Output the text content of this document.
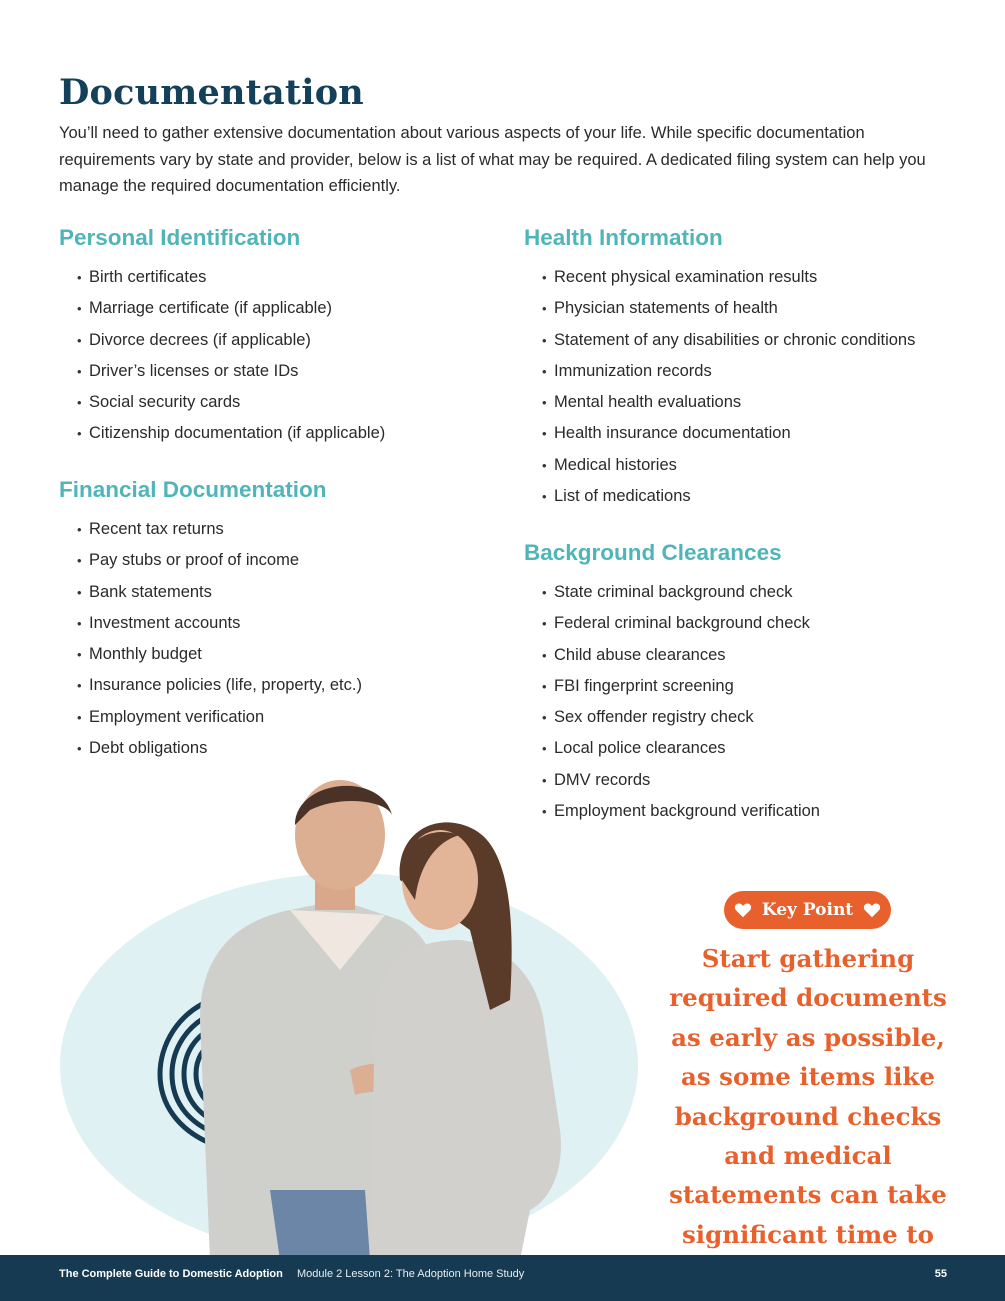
Documentation

You’ll need to gather extensive documentation about various aspects of your life. While specific documentation requirements vary by state and provider, below is a list of what may be required. A dedicated filing system can help you manage the required documentation efficiently.

Personal Identification
• Birth certificates
• Marriage certificate (if applicable)
• Divorce decrees (if applicable)
• Driver’s licenses or state IDs
• Social security cards
• Citizenship documentation (if applicable)
Financial Documentation
• Recent tax returns
• Pay stubs or proof of income
• Bank statements
• Investment accounts
• Monthly budget
• Insurance policies (life, property, etc.)
• Employment verification
• Debt obligations
Health Information
• Recent physical examination results
• Physician statements of health
• Statement of any disabilities or chronic conditions
• Immunization records
• Mental health evaluations
• Health insurance documentation
• Medical histories
• List of medications
Background Clearances
• State criminal background check
• Federal criminal background check
• Child abuse clearances
• FBI fingerprint screening
• Sex offender registry check
• Local police clearances
• DMV records
• Employment background verification
Key Point

Start gathering required documents as early as possible, as some items like background checks and medical statements can take significant time to

The Complete Guide to Domestic Adoption Module 2 Lesson 2: The Adoption Home Study	55
